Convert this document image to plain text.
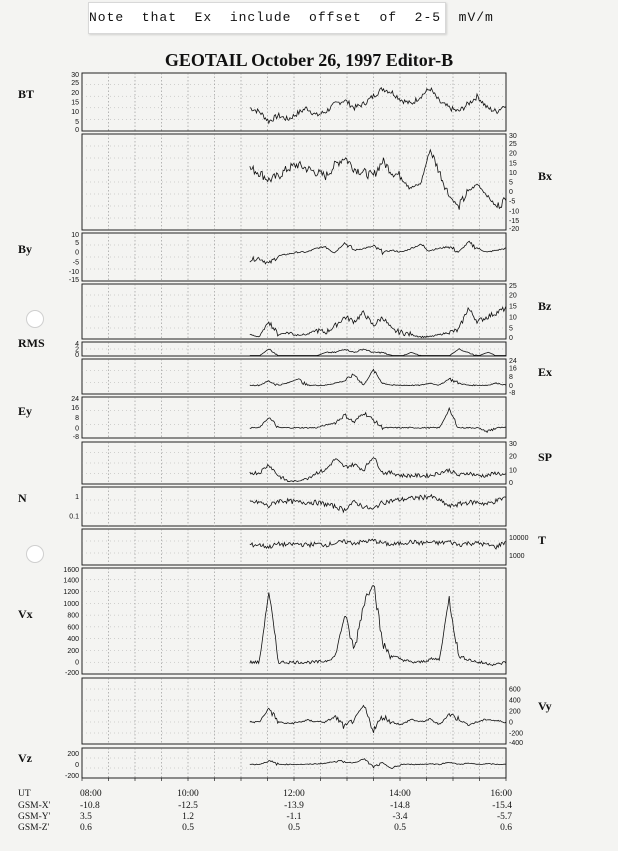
Note  that  Ex  include  offset  of  2-5  mV/m
GEOTAIL October 26, 1997 Editor-B
30
25
20
15
10
5
0
BT
30
25
20
15
10
5
0
-5
-10
-15
-20
Bx
10
5
0
-5
-10
-15
By
25
20
15
10
5
0
Bz
4
2
0
RMS
24
16
8
0
-8
Ex
24
16
8
0
-8
Ey
30
20
10
0
SP
1
0.1
N
10000
1000
T
1600
1400
1200
1000
800
600
400
200
0
-200
Vx
600
400
200
0
-200
-400
Vy
200
0
-200
Vz
UT	08:00	10:00	12:00	14:00	16:00
GSM-X'	-10.8	-12.5	-13.9	-14.8	-15.4
GSM-Y'	3.5	1.2	-1.1	-3.4	-5.7
GSM-Z'	0.6	0.5	0.5	0.5	0.6
